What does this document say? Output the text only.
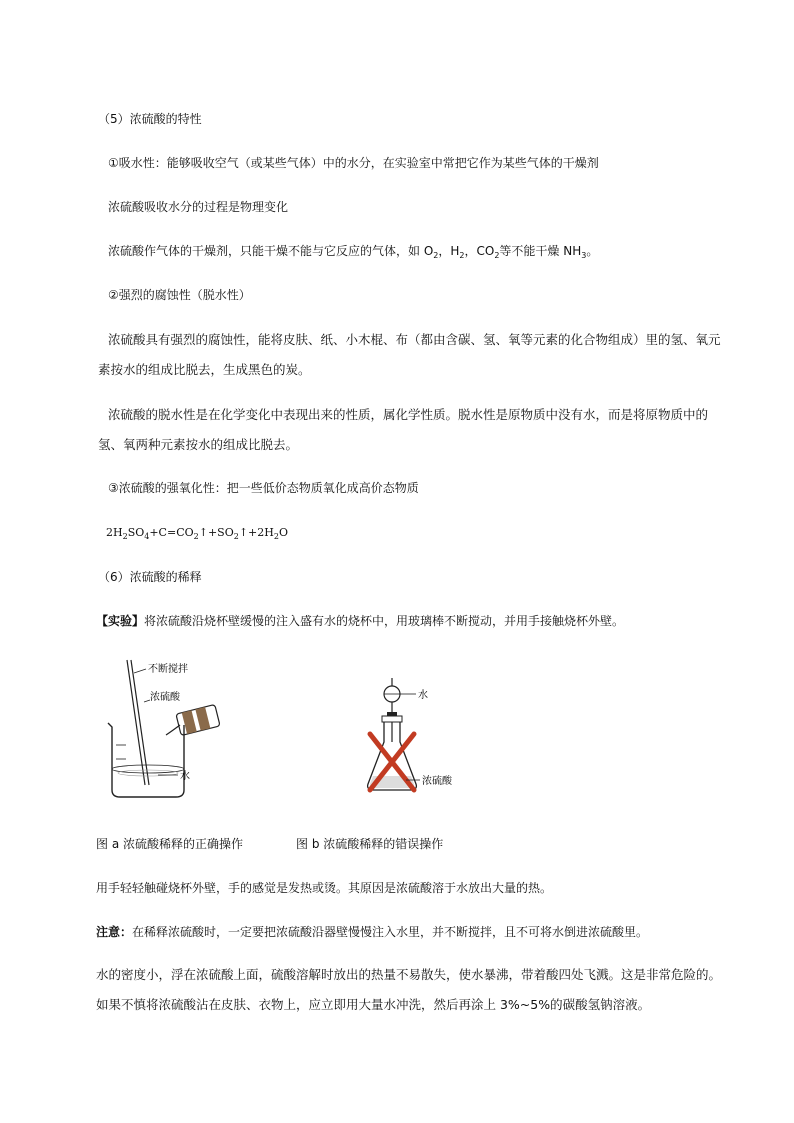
（5）浓硫酸的特性
①吸水性：能够吸收空气（或某些气体）中的水分，在实验室中常把它作为某些气体的干燥剂
浓硫酸吸收水分的过程是物理变化
浓硫酸作气体的干燥剂，只能干燥不能与它反应的气体，如 $O_2$，$H_2$，$CO_2$等不能干燥 $NH_3$。
②强烈的腐蚀性（脱水性）
浓硫酸具有强烈的腐蚀性，能将皮肤、纸、小木棍、布（都由含碳、氢、氧等元素的化合物组成）里的氢、氧元素按水的组成比脱去，生成黑色的炭。
浓硫酸的脱水性是在化学变化中表现出来的性质，属化学性质。脱水性是原物质中没有水，而是将原物质中的氢、氧两种元素按水的组成比脱去。
③浓硫酸的强氧化性：把一些低价态物质氧化成高价态物质
$2H_2SO_4+C=CO_2↑+SO_2↑+2H_2O$
（6）浓硫酸的稀释
【实验】将浓硫酸沿烧杯壁缓慢的注入盛有水的烧杯中，用玻璃棒不断搅动，并用手接触烧杯外壁。
不断搅拌
浓硫酸
水
水
浓硫酸
图 a 浓硫酸稀释的正确操作	图 b 浓硫酸稀释的错误操作
用手轻轻触碰烧杯外壁，手的感觉是发热或烫。其原因是浓硫酸溶于水放出大量的热。
注意：在稀释浓硫酸时，一定要把浓硫酸沿器壁慢慢注入水里，并不断搅拌，且不可将水倒进浓硫酸里。
水的密度小，浮在浓硫酸上面，硫酸溶解时放出的热量不易散失，使水暴沸，带着酸四处飞溅。这是非常危险的。如果不慎将浓硫酸沾在皮肤、衣物上，应立即用大量水冲洗，然后再涂上 3%~5%的碳酸氢钠溶液。
